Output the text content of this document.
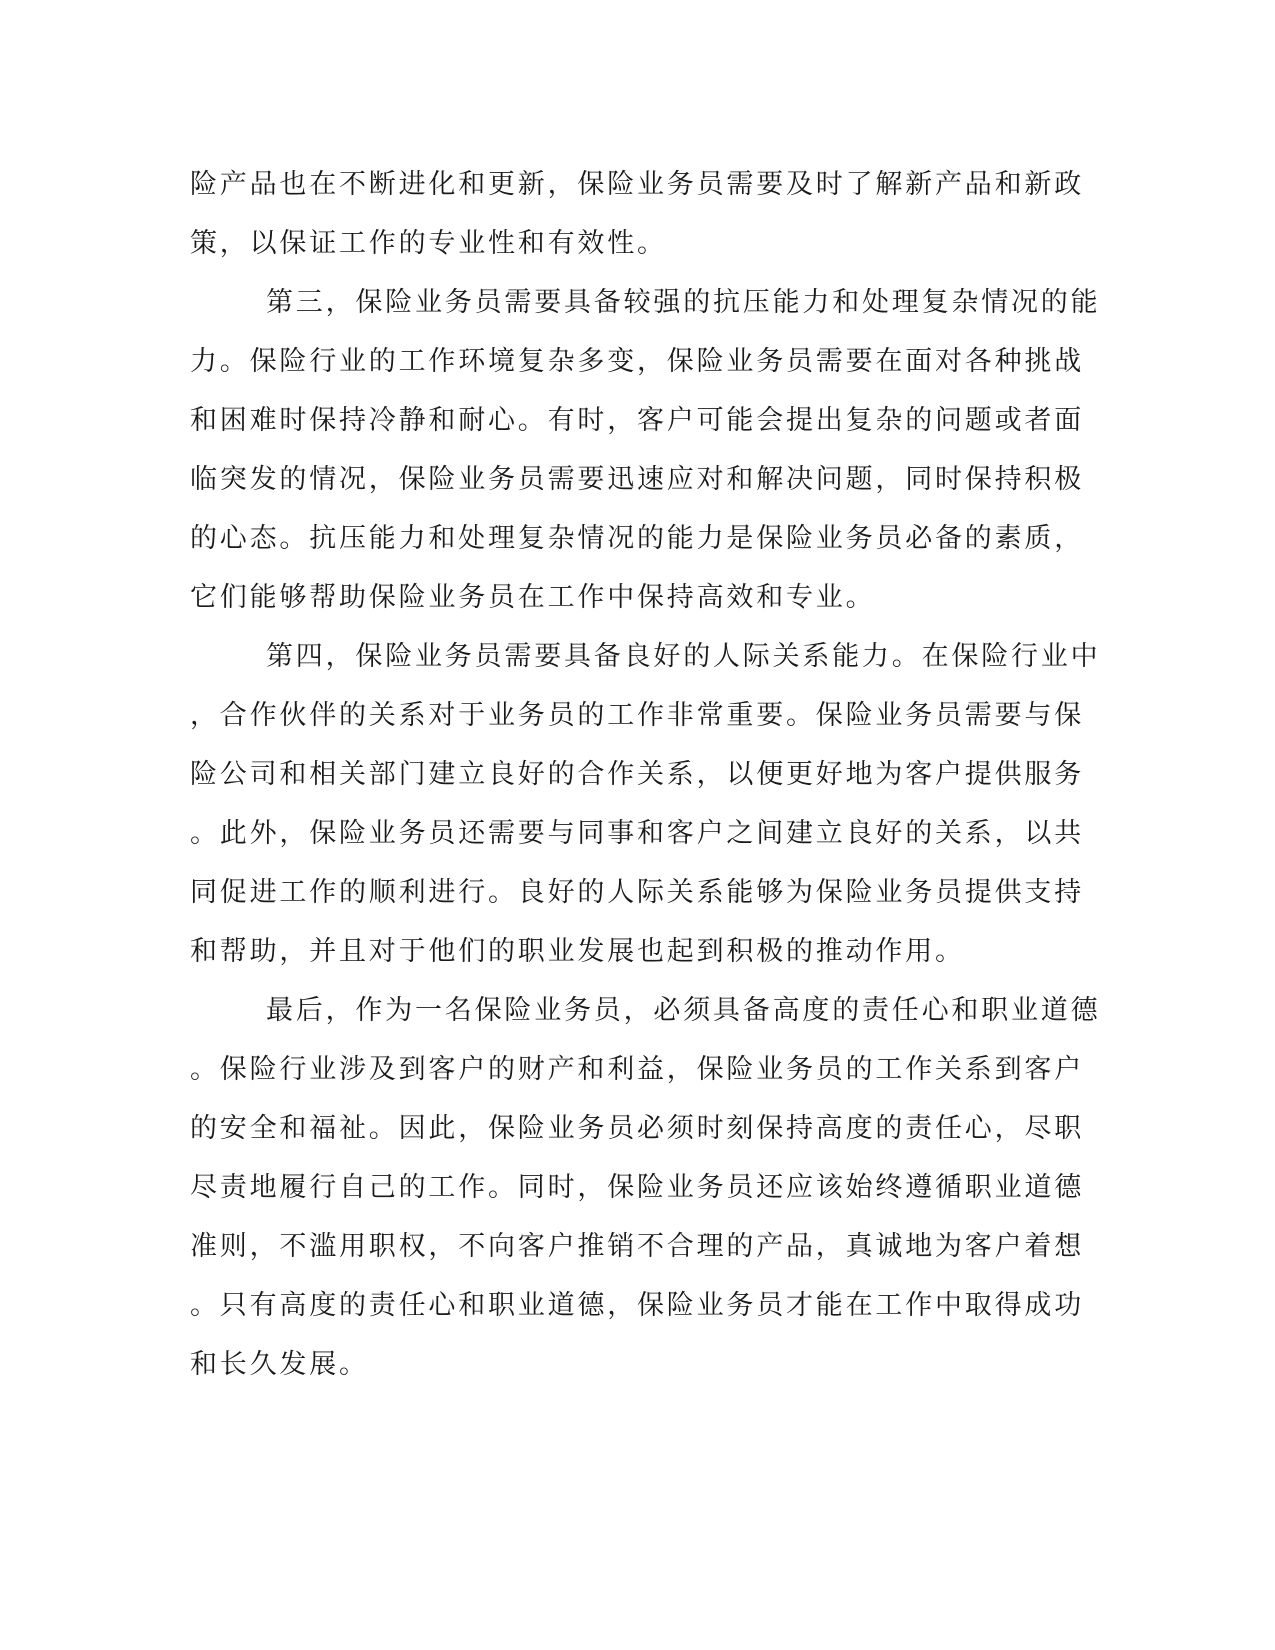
险产品也在不断进化和更新，保险业务员需要及时了解新产品和新政
策，以保证工作的专业性和有效性。
第三，保险业务员需要具备较强的抗压能力和处理复杂情况的能
力。保险行业的工作环境复杂多变，保险业务员需要在面对各种挑战
和困难时保持冷静和耐心。有时，客户可能会提出复杂的问题或者面
临突发的情况，保险业务员需要迅速应对和解决问题，同时保持积极
的心态。抗压能力和处理复杂情况的能力是保险业务员必备的素质，
它们能够帮助保险业务员在工作中保持高效和专业。
第四，保险业务员需要具备良好的人际关系能力。在保险行业中
，合作伙伴的关系对于业务员的工作非常重要。保险业务员需要与保
险公司和相关部门建立良好的合作关系，以便更好地为客户提供服务
。此外，保险业务员还需要与同事和客户之间建立良好的关系，以共
同促进工作的顺利进行。良好的人际关系能够为保险业务员提供支持
和帮助，并且对于他们的职业发展也起到积极的推动作用。
最后，作为一名保险业务员，必须具备高度的责任心和职业道德
。保险行业涉及到客户的财产和利益，保险业务员的工作关系到客户
的安全和福祉。因此，保险业务员必须时刻保持高度的责任心，尽职
尽责地履行自己的工作。同时，保险业务员还应该始终遵循职业道德
准则，不滥用职权，不向客户推销不合理的产品，真诚地为客户着想
。只有高度的责任心和职业道德，保险业务员才能在工作中取得成功
和长久发展。
